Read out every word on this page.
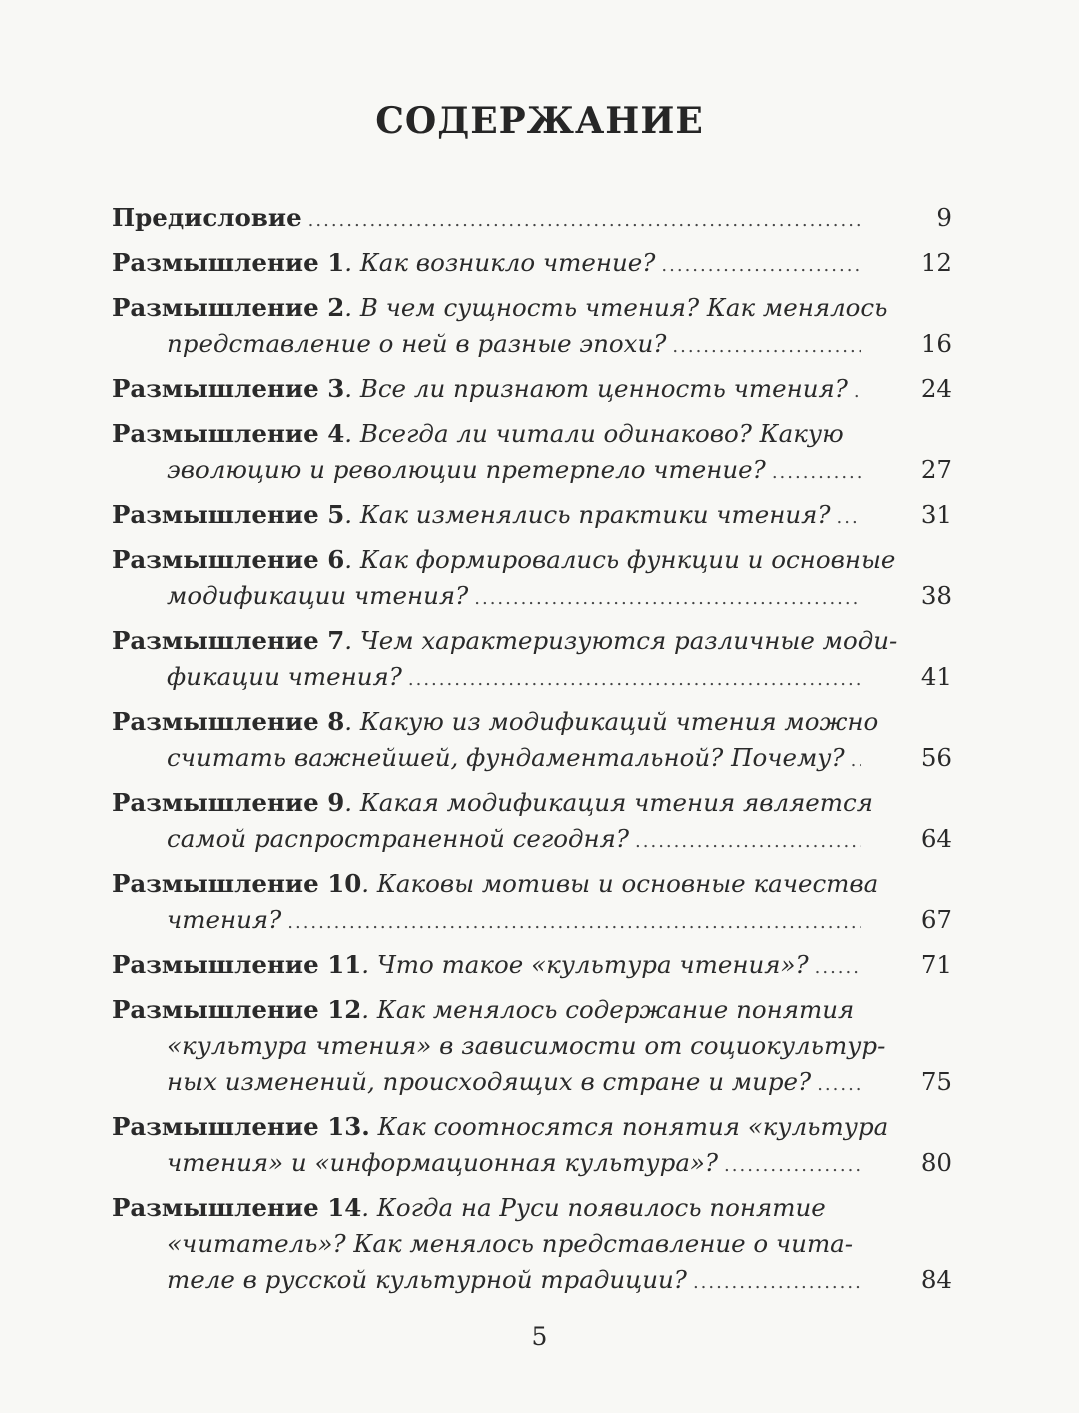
СОДЕРЖАНИЕ
Предисловие .....	9
Размышление 1. Как возникло чтение? .....	12
Размышление 2. В чем сущность чтения? Как менялось
представление о ней в разные эпохи? .....	16
Размышление 3. Все ли признают ценность чтения? .....	24
Размышление 4. Всегда ли читали одинаково? Какую
эволюцию и революции претерпело чтение? .....	27
Размышление 5. Как изменялись практики чтения? .....	31
Размышление 6. Как формировались функции и основные
модификации чтения? .....	38
Размышление 7. Чем характеризуются различные моди-
фикации чтения? .....	41
Размышление 8. Какую из модификаций чтения можно
считать важнейшей, фундаментальной? Почему? .....	56
Размышление 9. Какая модификация чтения является
самой распространенной сегодня? .....	64
Размышление 10. Каковы мотивы и основные качества
чтения? .....	67
Размышление 11. Что такое «культура чтения»? .....	71
Размышление 12. Как менялось содержание понятия
«культура чтения» в зависимости от социокультур-
ных изменений, происходящих в стране и мире? .....	75
Размышление 13. Как соотносятся понятия «культура
чтения» и «информационная культура»? .....	80
Размышление 14. Когда на Руси появилось понятие
«читатель»? Как менялось представление о чита-
теле в русской культурной традиции? .....	84
5
